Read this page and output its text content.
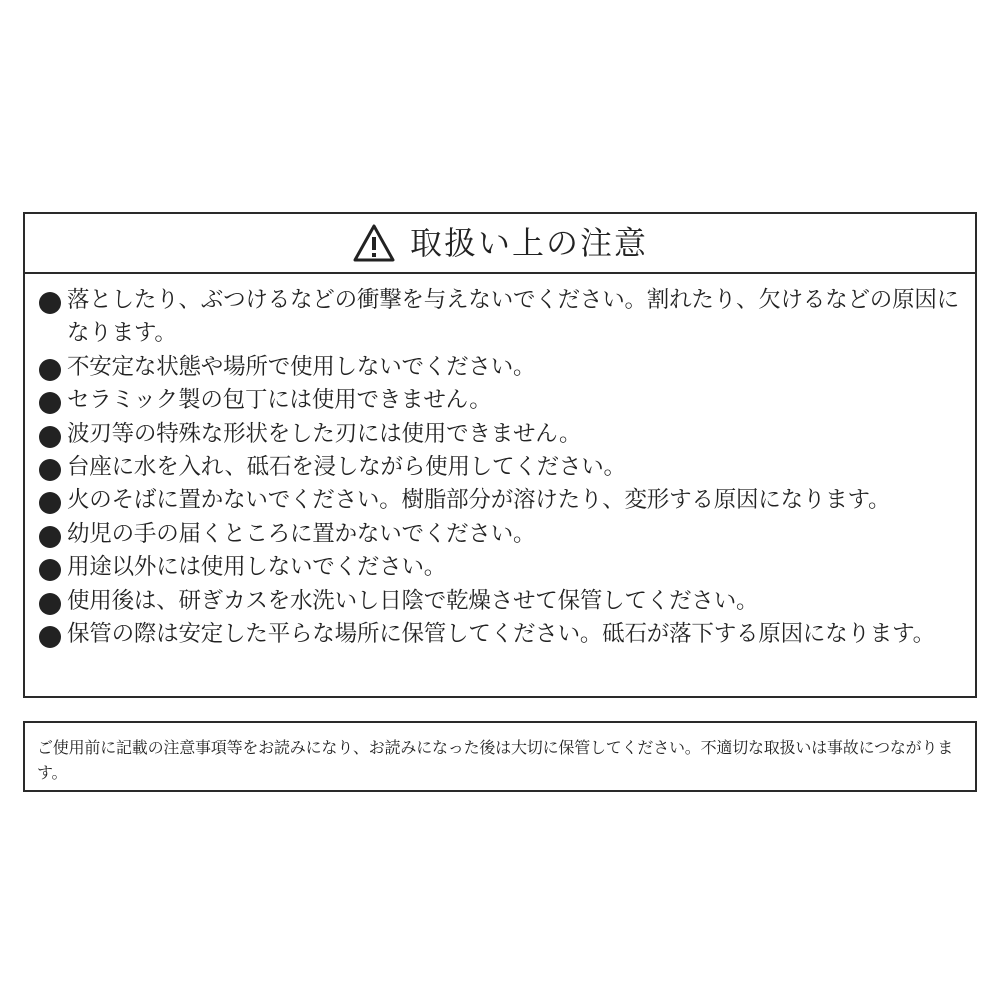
取扱い上の注意
落としたり、ぶつけるなどの衝撃を与えないでください。割れたり、欠けるなどの原因になります。
不安定な状態や場所で使用しないでください。
セラミック製の包丁には使用できません。
波刃等の特殊な形状をした刃には使用できません。
台座に水を入れ、砥石を浸しながら使用してください。
火のそばに置かないでください。樹脂部分が溶けたり、変形する原因になります。
幼児の手の届くところに置かないでください。
用途以外には使用しないでください。
使用後は、研ぎカスを水洗いし日陰で乾燥させて保管してください。
保管の際は安定した平らな場所に保管してください。砥石が落下する原因になります。
ご使用前に記載の注意事項等をお読みになり、お読みになった後は大切に保管してください。不適切な取扱いは事故につながります。
